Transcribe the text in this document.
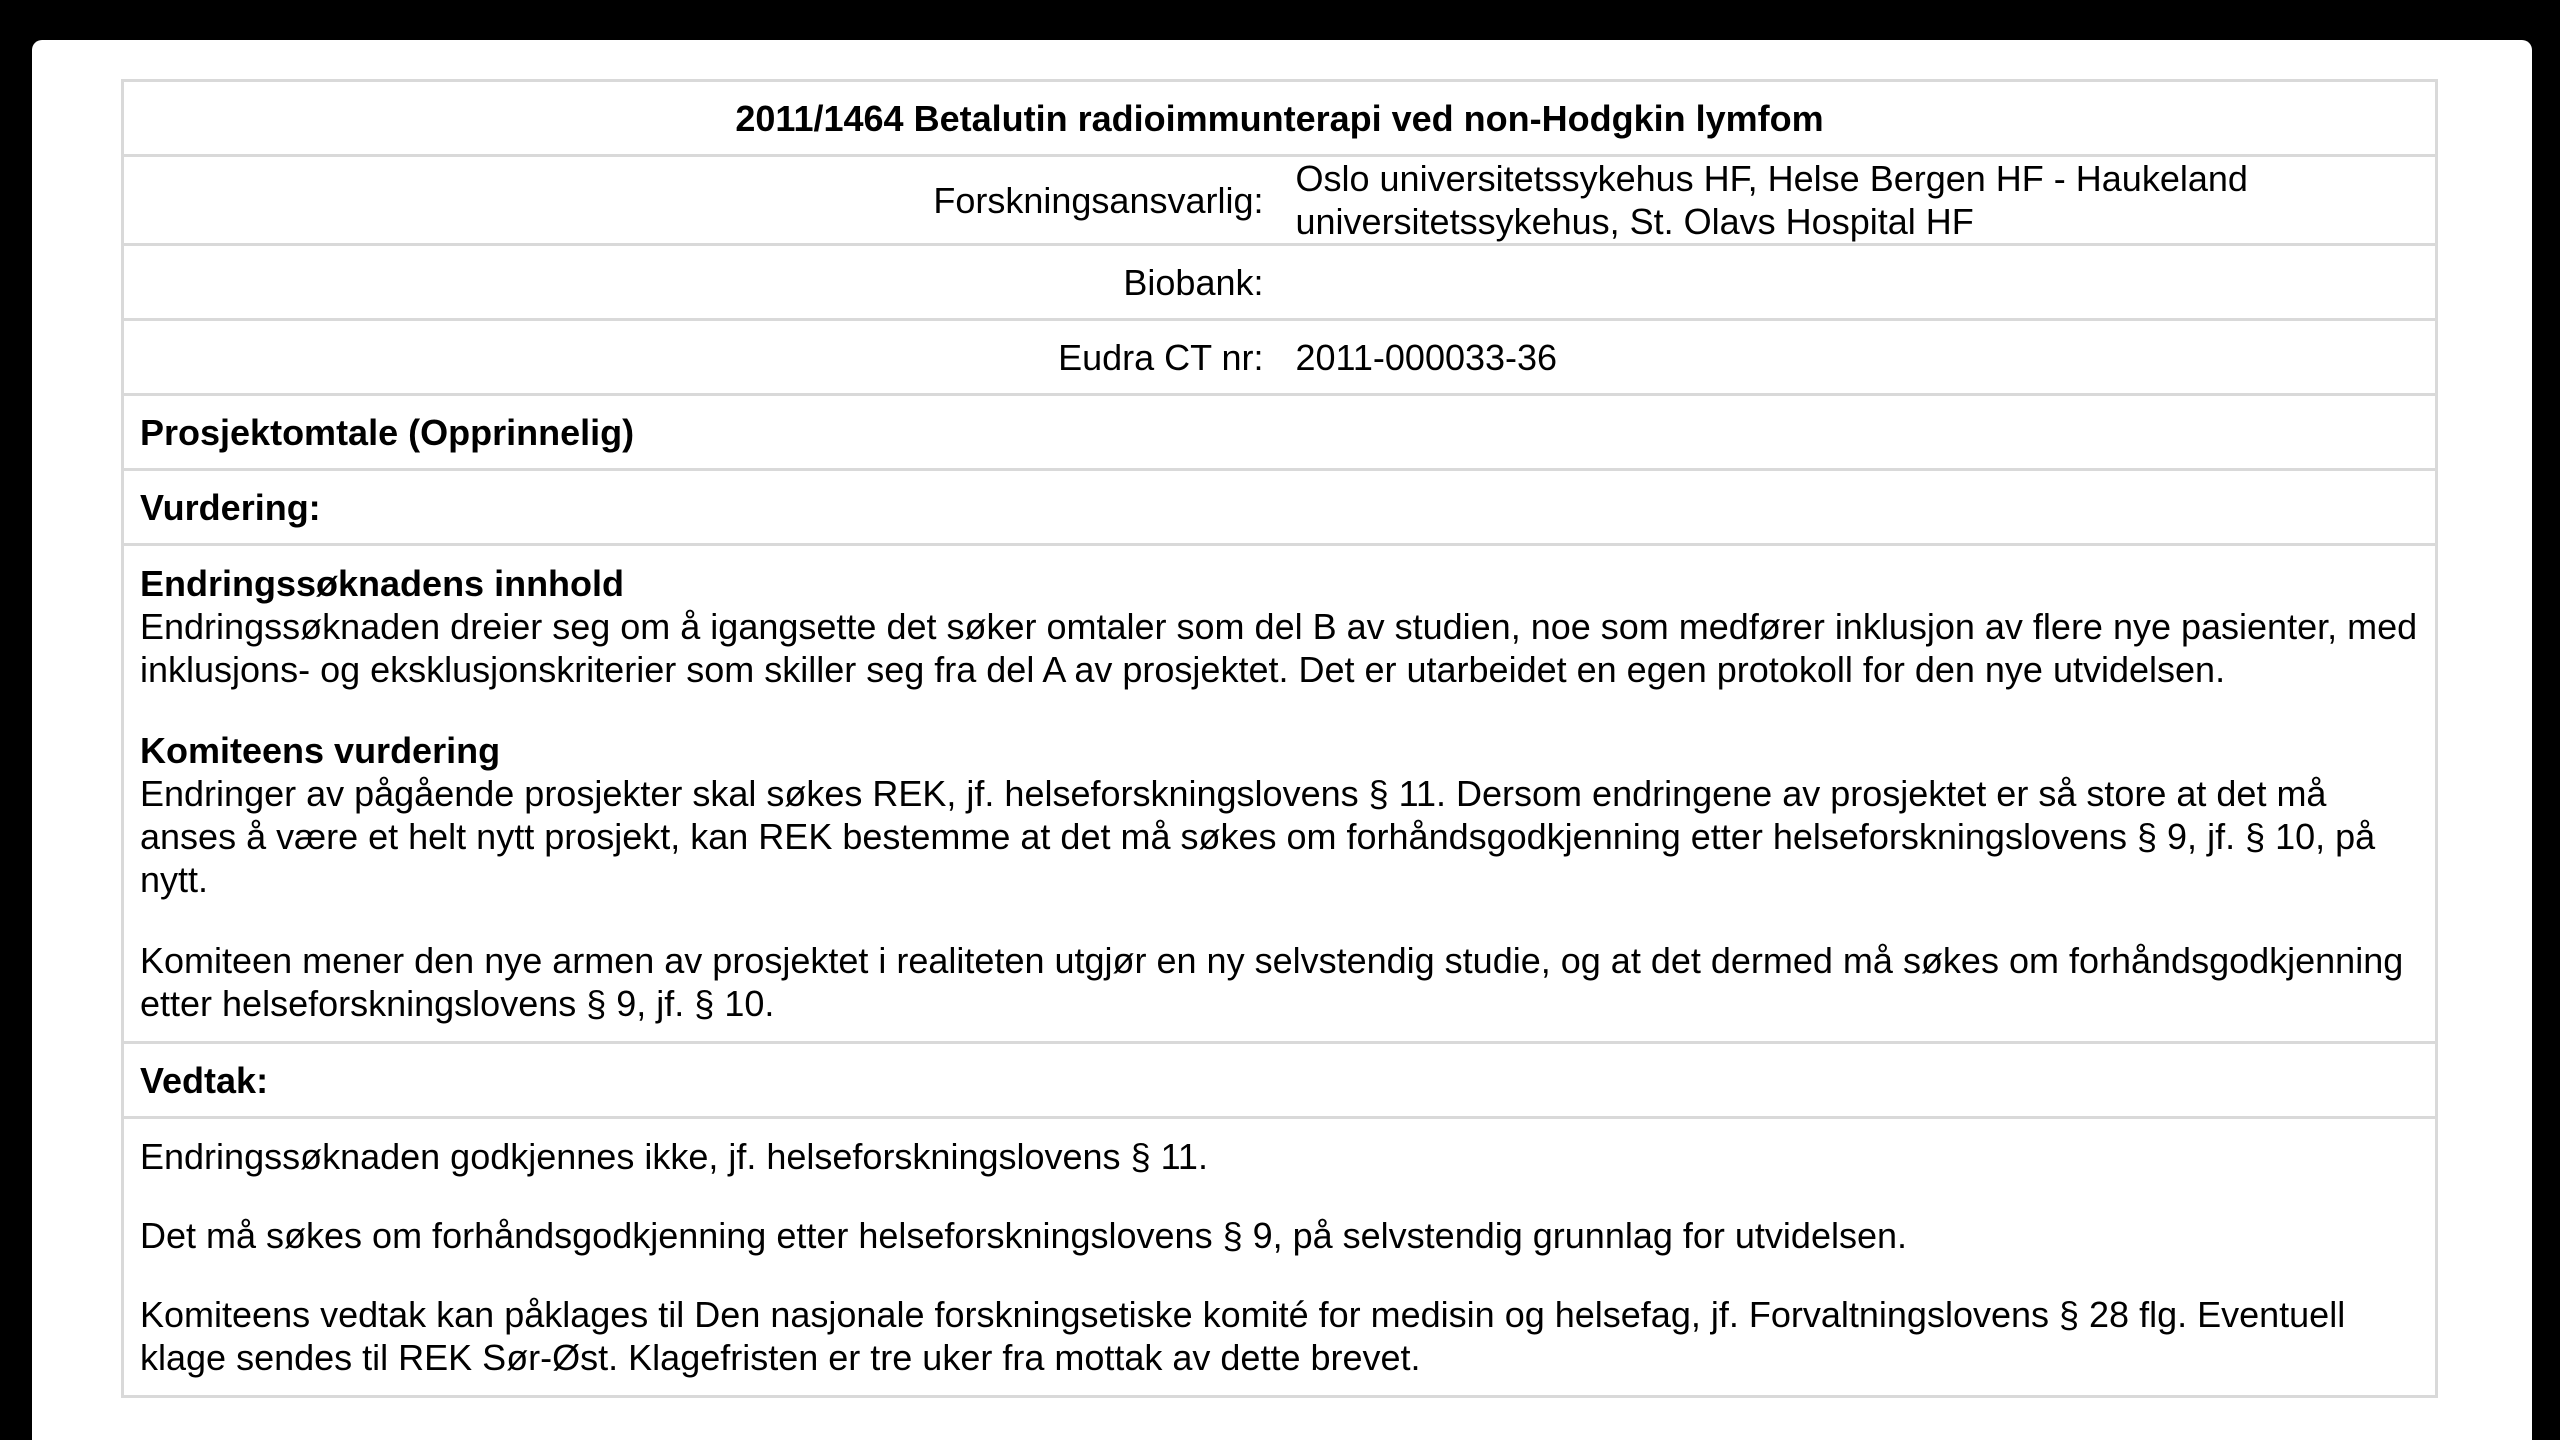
2011/1464 Betalutin radioimmunterapi ved non-Hodgkin lymfom	
Forskningsansvarlig:	Oslo universitetssykehus HF, Helse Bergen HF - Haukeland universitetssykehus, St. Olavs Hospital HF
Biobank:	
Eudra CT nr:	2011-000033-36
Prosjektomtale (Opprinnelig)	
Vurdering:	

Endringssøknadens innhold
Endringssøknaden dreier seg om å igangsette det søker omtaler som del B av studien, noe som medfører inklusjon av flere nye pasienter, med inklusjons- og eksklusjonskriterier som skiller seg fra del A av prosjektet. Det er utarbeidet en egen protokoll for den nye utvidelsen.
Komiteens vurdering
Endringer av pågående prosjekter skal søkes REK, jf. helseforskningslovens § 11. Dersom endringene av prosjektet er så store at det må anses å være et helt nytt prosjekt, kan REK bestemme at det må søkes om forhåndsgodkjenning etter helseforskningslovens § 9, jf. § 10, på nytt.
Komiteen mener den nye armen av prosjektet i realiteten utgjør en ny selvstendig studie, og at det dermed må søkes om forhåndsgodkjenning etter helseforskningslovens § 9, jf. § 10.	

Vedtak:	

Endringssøknaden godkjennes ikke, jf. helseforskningslovens § 11.
Det må søkes om forhåndsgodkjenning etter helseforskningslovens § 9, på selvstendig grunnlag for utvidelsen.
Komiteens vedtak kan påklages til Den nasjonale forskningsetiske komité for medisin og helsefag, jf. Forvaltningslovens § 28 flg. Eventuell klage sendes til REK Sør-Øst. Klagefristen er tre uker fra mottak av dette brevet.	
